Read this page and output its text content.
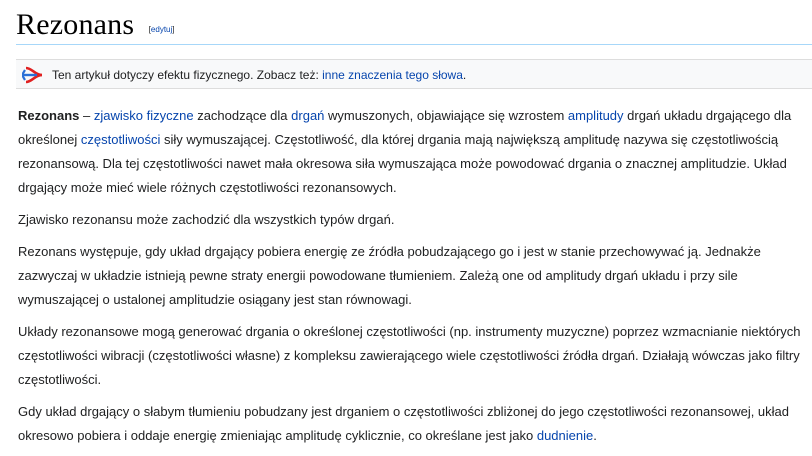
Rezonans [edytuj]
Ten artykuł dotyczy efektu fizycznego. Zobacz też: inne znaczenia tego słowa.

Rezonans – zjawisko fizyczne zachodzące dla drgań wymuszonych, objawiające się wzrostem amplitudy drgań układu drgającego dla określonej częstotliwości siły wymuszającej. Częstotliwość, dla której drgania mają największą amplitudę nazywa się częstotliwością rezonansową. Dla tej częstotliwości nawet mała okresowa siła wymuszająca może powodować drgania o znacznej amplitudzie. Układ drgający może mieć wiele różnych częstotliwości rezonansowych.

Zjawisko rezonansu może zachodzić dla wszystkich typów drgań.

Rezonans występuje, gdy układ drgający pobiera energię ze źródła pobudzającego go i jest w stanie przechowywać ją. Jednakże zazwyczaj w układzie istnieją pewne straty energii powodowane tłumieniem. Zależą one od amplitudy drgań układu i przy sile wymuszającej o ustalonej amplitudzie osiągany jest stan równowagi.

Układy rezonansowe mogą generować drgania o określonej częstotliwości (np. instrumenty muzyczne) poprzez wzmacnianie niektórych częstotliwości wibracji (częstotliwości własne) z kompleksu zawierającego wiele częstotliwości źródła drgań. Działają wówczas jako filtry częstotliwości.

Gdy układ drgający o słabym tłumieniu pobudzany jest drganiem o częstotliwości zbliżonej do jego częstotliwości rezonansowej, układ okresowo pobiera i oddaje energię zmieniając amplitudę cyklicznie, co określane jest jako dudnienie.
